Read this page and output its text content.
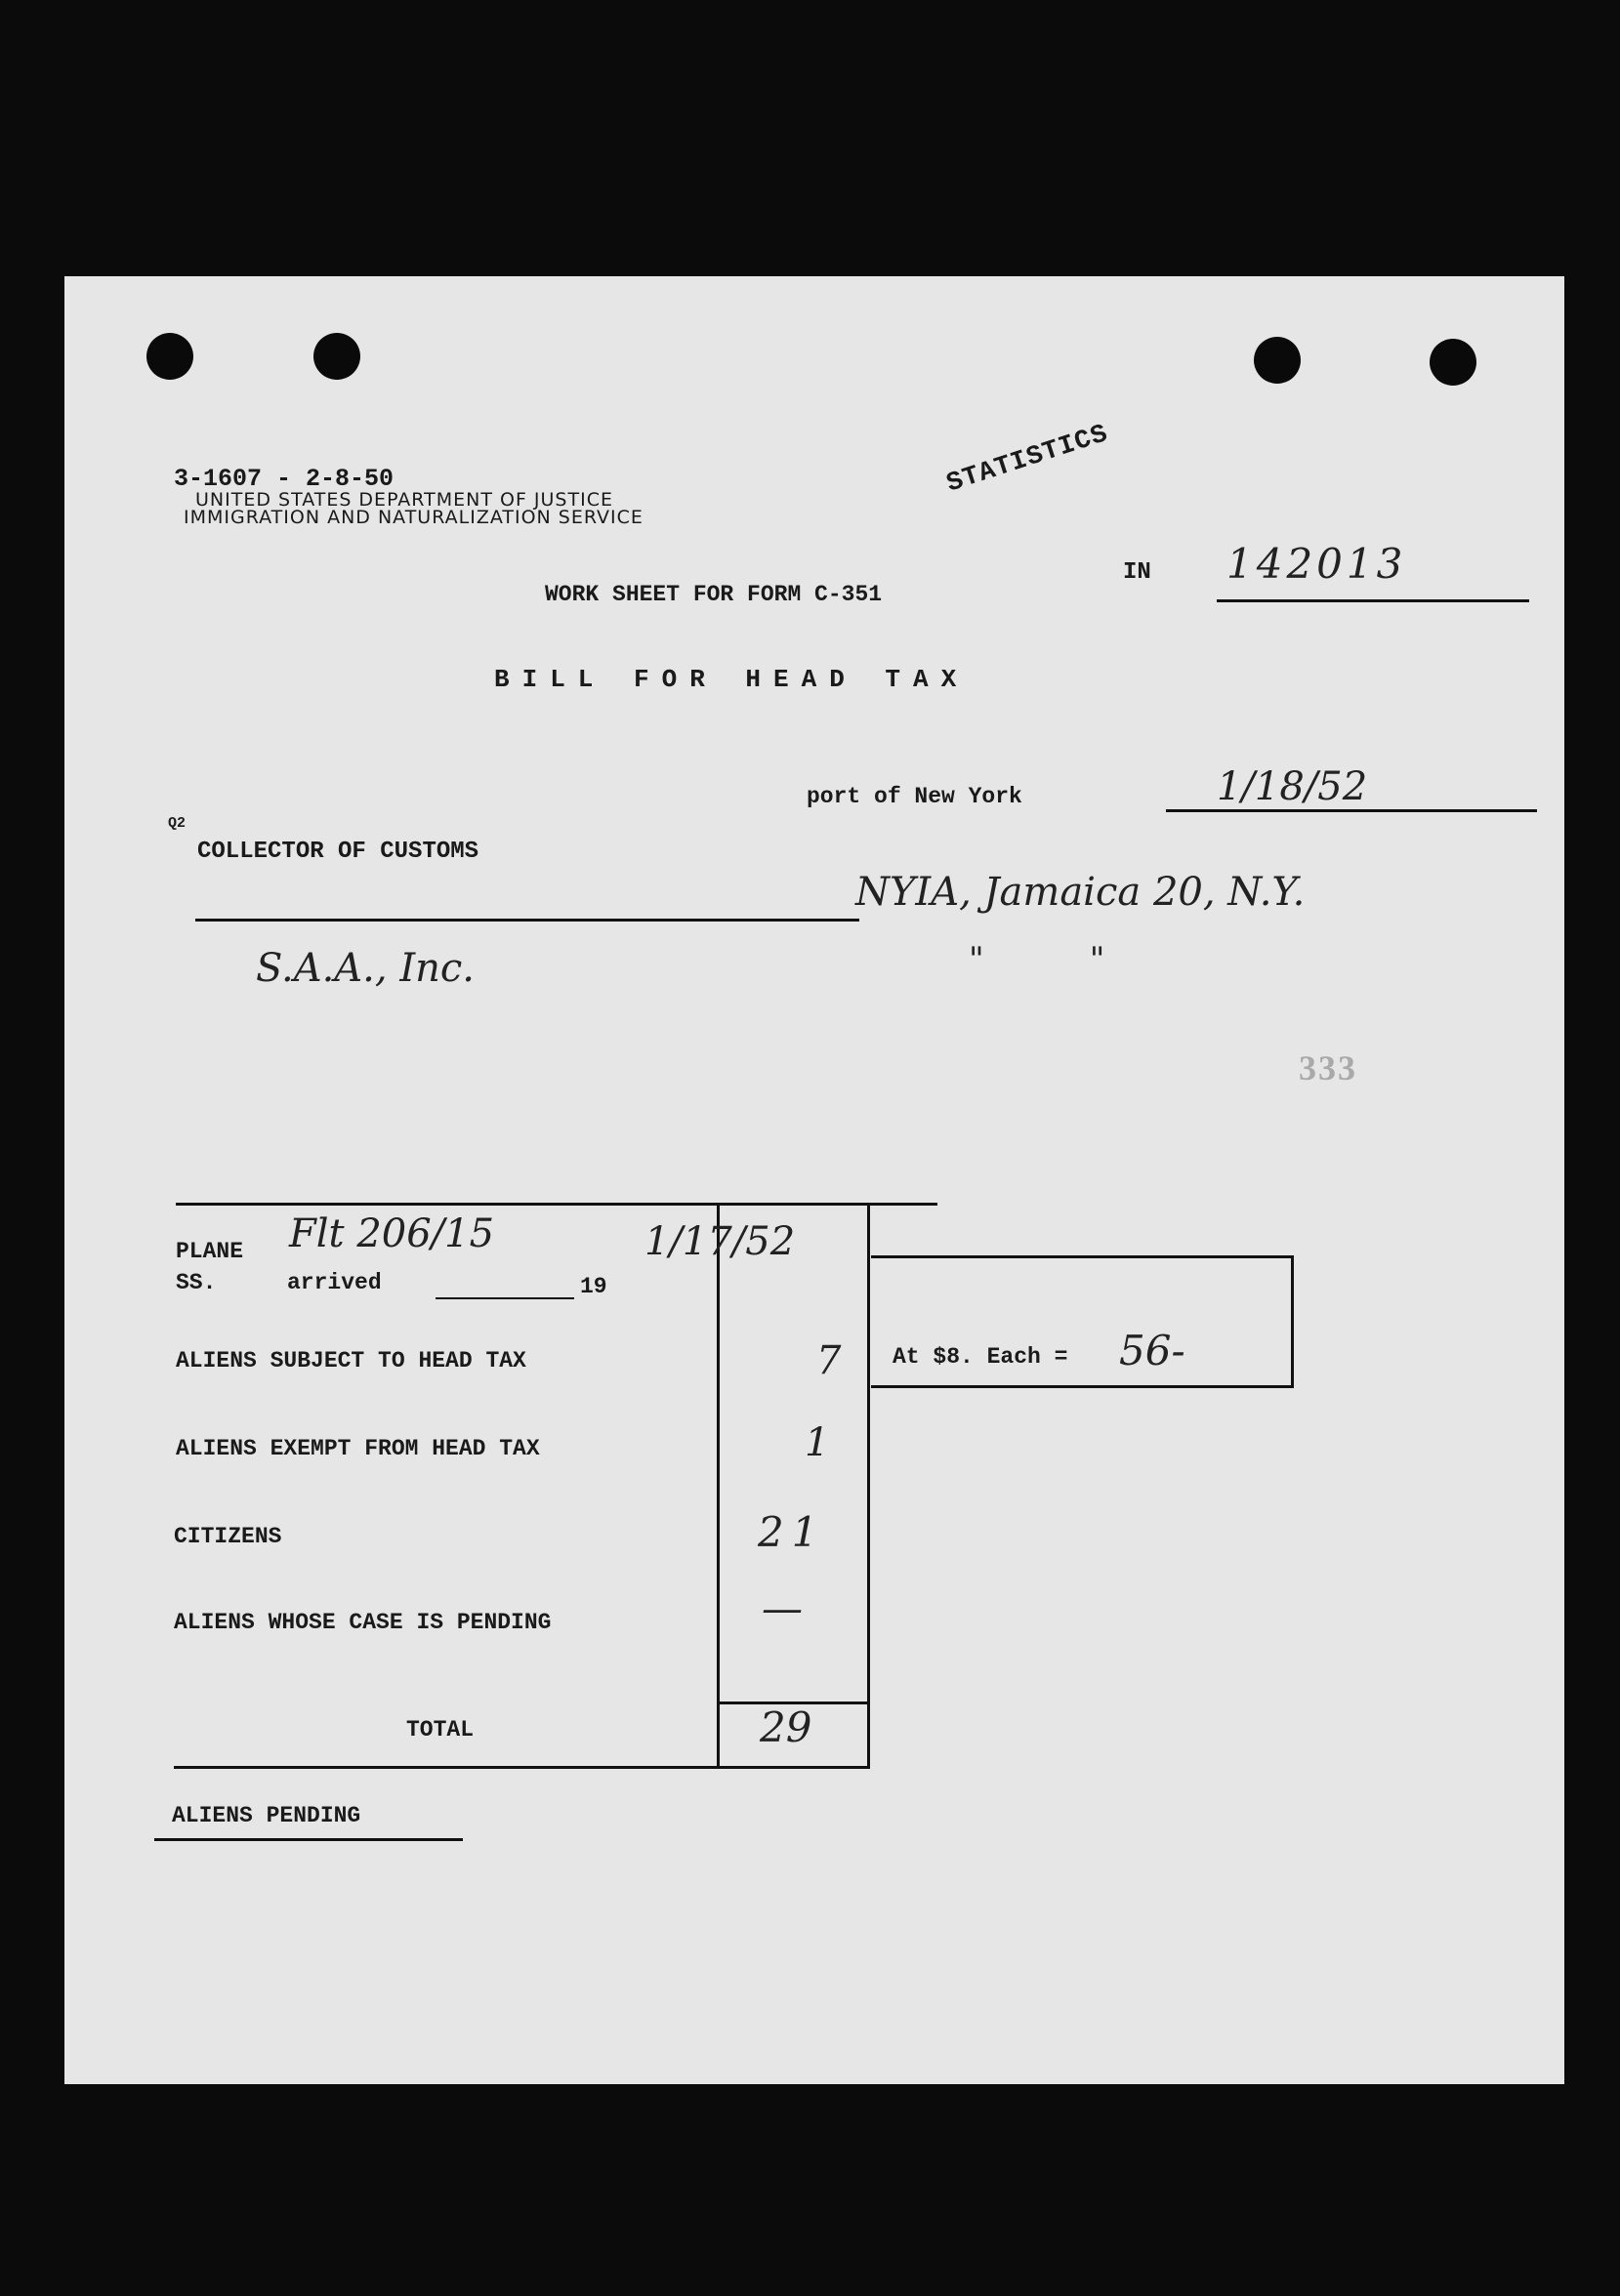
3-1607 - 2-8-50
UNITED STATES DEPARTMENT OF JUSTICE
IMMIGRATION AND NATURALIZATION SERVICE
STATISTICS
IN 142013
WORK SHEET FOR FORM C-351
BILL FOR HEAD TAX
port of New York	1/18/52
Q2
COLLECTOR OF CUSTOMS
NYIA, Jamaica 20, N.Y.
S.A.A., Inc.	"          "
333
PLANE
SS.	arrived	19
Flt 206/15	1/17/52
ALIENS SUBJECT TO HEAD TAX	7
ALIENS EXEMPT FROM HEAD TAX	1
CITIZENS	21
ALIENS WHOSE CASE IS PENDING	—
TOTAL	29
At $8. Each = 56-
ALIENS PENDING
